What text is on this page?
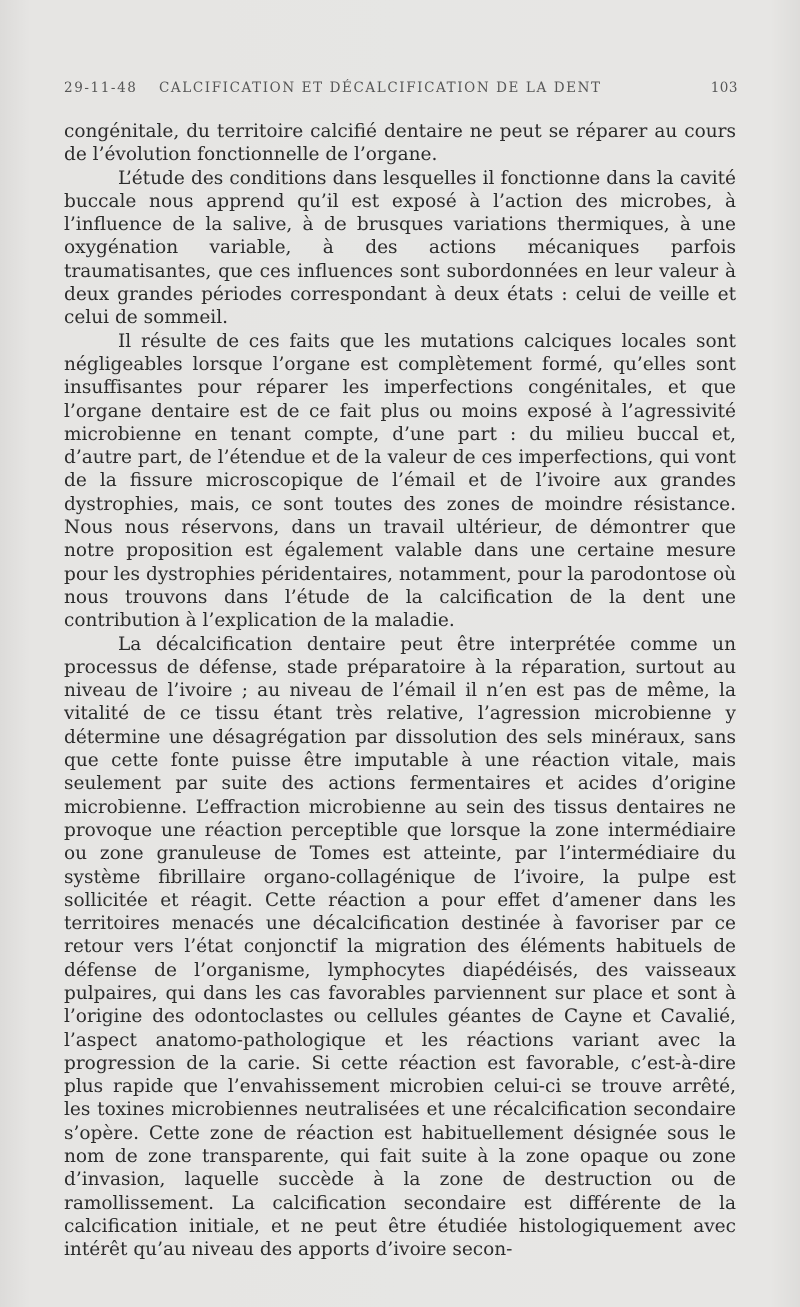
29-11-48 CALCIFICATION ET DÉCALCIFICATION DE LA DENT	103

congénitale, du territoire calcifié dentaire ne peut se réparer au cours de l’évolution fonctionnelle de l’organe.

L’étude des conditions dans lesquelles il fonctionne dans la cavité buccale nous apprend qu’il est exposé à l’action des microbes, à l’influence de la salive, à de brusques variations thermiques, à une oxygénation variable, à des actions mécaniques parfois traumatisantes, que ces influences sont subordonnées en leur valeur à deux grandes périodes correspondant à deux états : celui de veille et celui de sommeil.

Il résulte de ces faits que les mutations calciques locales sont négligeables lorsque l’organe est complètement formé, qu’elles sont insuffisantes pour réparer les imperfections congénitales, et que l’organe dentaire est de ce fait plus ou moins exposé à l’agressivité microbienne en tenant compte, d’une part : du milieu buccal et, d’autre part, de l’étendue et de la valeur de ces imperfections, qui vont de la fissure microscopique de l’émail et de l’ivoire aux grandes dystrophies, mais, ce sont toutes des zones de moindre résistance. Nous nous réservons, dans un travail ultérieur, de démontrer que notre proposition est également valable dans une certaine mesure pour les dystrophies péridentaires, notamment, pour la parodontose où nous trouvons dans l’étude de la calcification de la dent une contribution à l’explication de la maladie.

La décalcification dentaire peut être interprétée comme un processus de défense, stade préparatoire à la réparation, surtout au niveau de l’ivoire ; au niveau de l’émail il n’en est pas de même, la vitalité de ce tissu étant très relative, l’agression microbienne y détermine une désagrégation par dissolution des sels minéraux, sans que cette fonte puisse être imputable à une réaction vitale, mais seulement par suite des actions fermentaires et acides d’origine microbienne. L’effraction microbienne au sein des tissus dentaires ne provoque une réaction perceptible que lorsque la zone intermédiaire ou zone granuleuse de Tomes est atteinte, par l’intermédiaire du système fibrillaire organo-collagénique de l’ivoire, la pulpe est sollicitée et réagit. Cette réaction a pour effet d’amener dans les territoires menacés une décalcification destinée à favoriser par ce retour vers l’état conjonctif la migration des éléments habituels de défense de l’organisme, lymphocytes diapédéisés, des vaisseaux pulpaires, qui dans les cas favorables parviennent sur place et sont à l’origine des odontoclastes ou cellules géantes de Cayne et Cavalié, l’aspect anatomo-pathologique et les réactions variant avec la progression de la carie. Si cette réaction est favorable, c’est-à-dire plus rapide que l’envahissement microbien celui-ci se trouve arrêté, les toxines microbiennes neutralisées et une récalcification secondaire s’opère. Cette zone de réaction est habituellement désignée sous le nom de zone transparente, qui fait suite à la zone opaque ou zone d’invasion, laquelle succède à la zone de destruction ou de ramollissement. La calcification secondaire est différente de la calcification initiale, et ne peut être étudiée histologiquement avec intérêt qu’au niveau des apports d’ivoire secon-
